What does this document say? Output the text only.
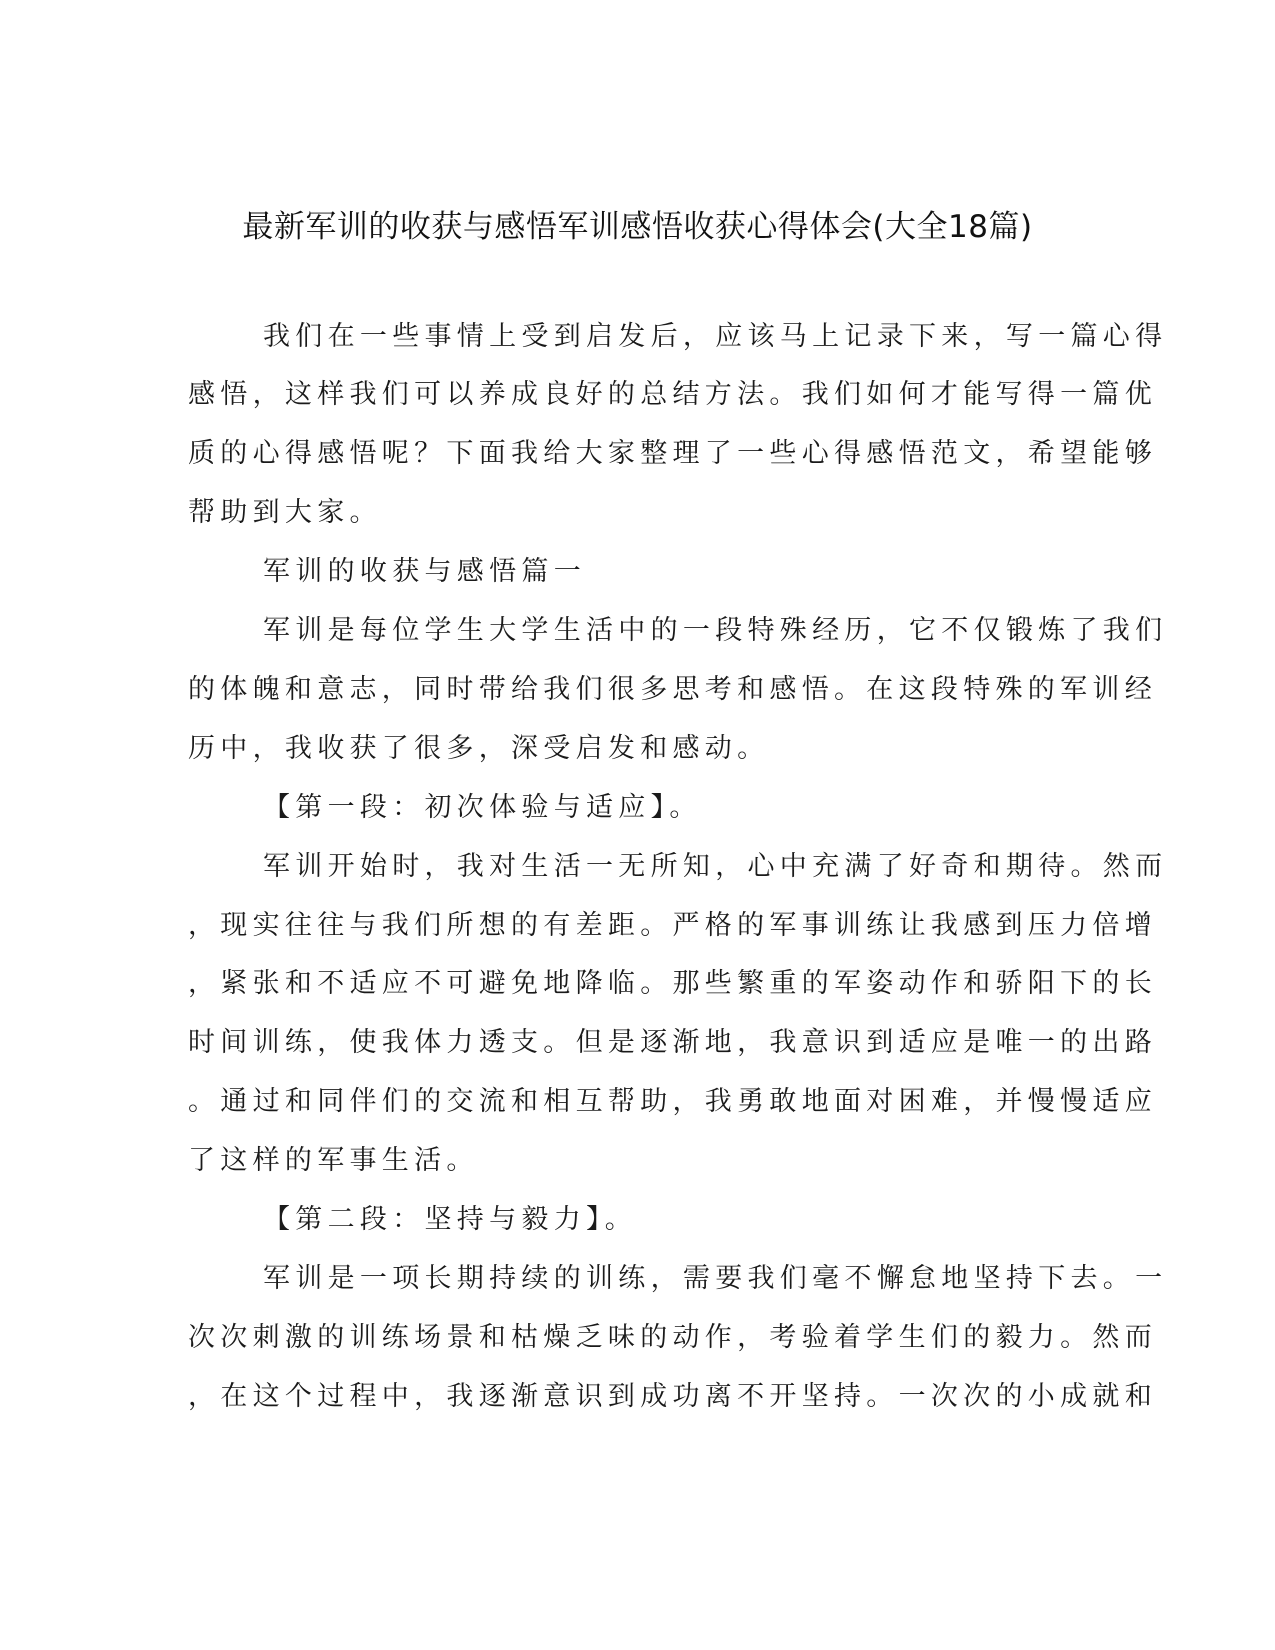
最新军训的收获与感悟军训感悟收获心得体会(大全18篇)
我们在一些事情上受到启发后，应该马上记录下来，写一篇心得
感悟，这样我们可以养成良好的总结方法。我们如何才能写得一篇优
质的心得感悟呢？下面我给大家整理了一些心得感悟范文，希望能够
帮助到大家。
军训的收获与感悟篇一
军训是每位学生大学生活中的一段特殊经历，它不仅锻炼了我们
的体魄和意志，同时带给我们很多思考和感悟。在这段特殊的军训经
历中，我收获了很多，深受启发和感动。
【第一段：初次体验与适应】。
军训开始时，我对生活一无所知，心中充满了好奇和期待。然而
，现实往往与我们所想的有差距。严格的军事训练让我感到压力倍增
，紧张和不适应不可避免地降临。那些繁重的军姿动作和骄阳下的长
时间训练，使我体力透支。但是逐渐地，我意识到适应是唯一的出路
。通过和同伴们的交流和相互帮助，我勇敢地面对困难，并慢慢适应
了这样的军事生活。
【第二段：坚持与毅力】。
军训是一项长期持续的训练，需要我们毫不懈怠地坚持下去。一
次次刺激的训练场景和枯燥乏味的动作，考验着学生们的毅力。然而
，在这个过程中，我逐渐意识到成功离不开坚持。一次次的小成就和
